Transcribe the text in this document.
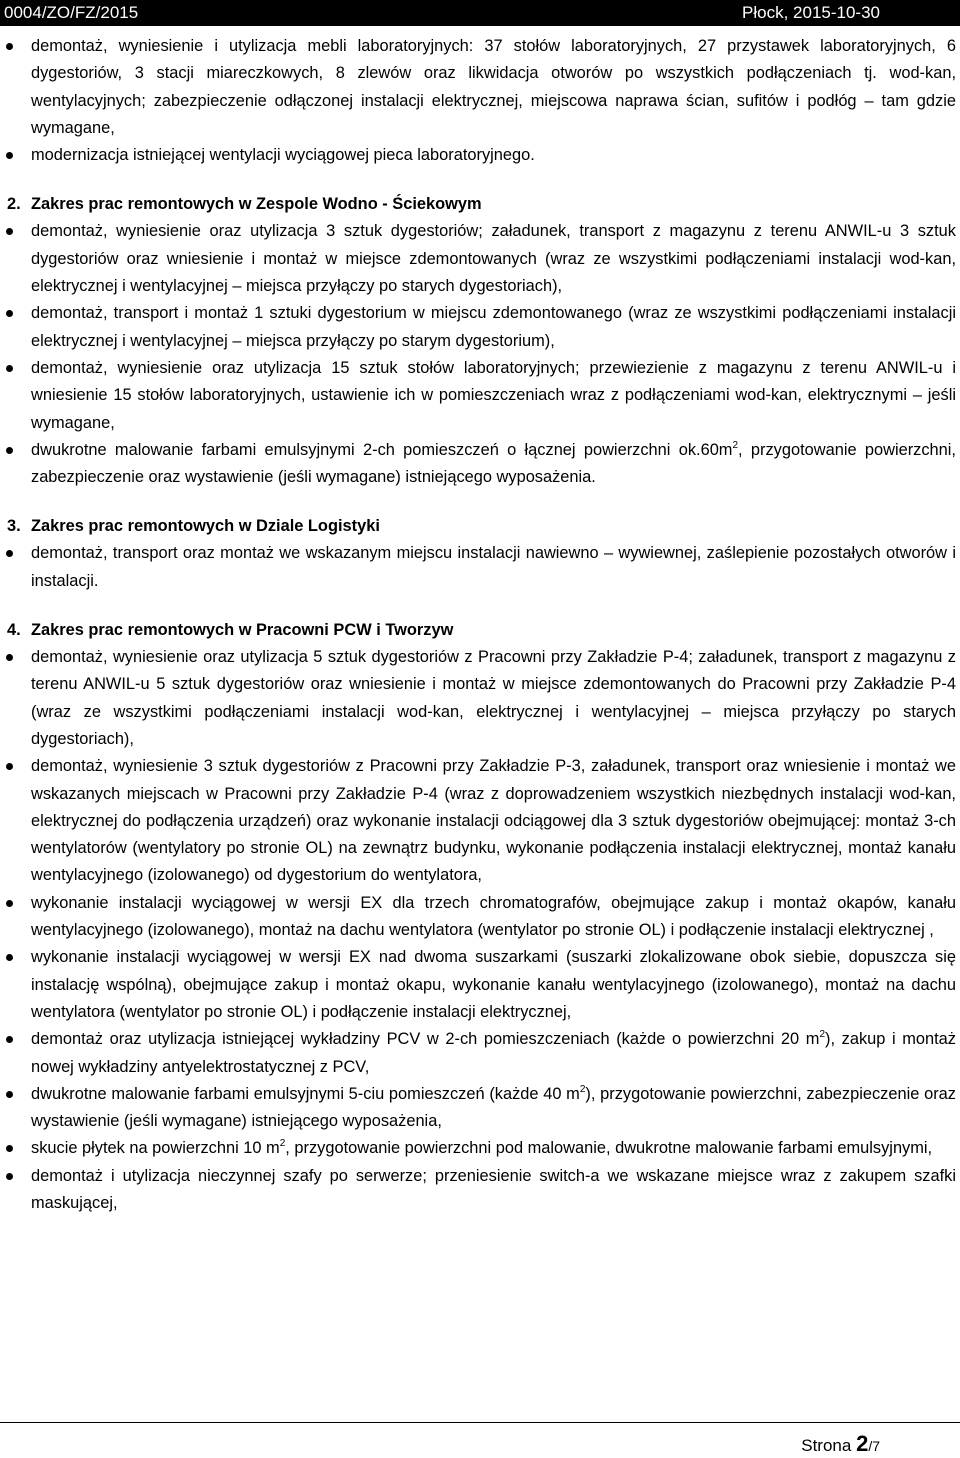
0004/ZO/FZ/2015	Płock, 2015-10-30
demontaż, wyniesienie i utylizacja mebli laboratoryjnych: 37 stołów laboratoryjnych, 27 przystawek laboratoryjnych, 6 dygestoriów, 3 stacji miareczkowych, 8 zlewów oraz likwidacja otworów po wszystkich podłączeniach tj. wod-kan, wentylacyjnych; zabezpieczenie odłączonej instalacji elektrycznej, miejscowa naprawa ścian, sufitów i podłóg – tam gdzie wymagane,
modernizacja istniejącej wentylacji wyciągowej pieca laboratoryjnego.

2. Zakres prac remontowych w Zespole Wodno - Ściekowym

demontaż, wyniesienie oraz utylizacja 3 sztuk dygestoriów; załadunek, transport z magazynu z terenu ANWIL-u 3 sztuk dygestoriów oraz wniesienie i montaż w miejsce zdemontowanych (wraz ze wszystkimi podłączeniami instalacji wod-kan, elektrycznej i wentylacyjnej – miejsca przyłączy po starych dygestoriach),
demontaż, transport i montaż 1 sztuki dygestorium w miejscu zdemontowanego (wraz ze wszystkimi podłączeniami instalacji elektrycznej i wentylacyjnej – miejsca przyłączy po starym dygestorium),
demontaż, wyniesienie oraz utylizacja 15 sztuk stołów laboratoryjnych; przewiezienie z magazynu z terenu ANWIL-u i wniesienie 15 stołów laboratoryjnych, ustawienie ich w pomieszczeniach wraz z podłączeniami wod-kan, elektrycznymi – jeśli wymagane,
dwukrotne malowanie farbami emulsyjnymi 2-ch pomieszczeń o łącznej powierzchni $ok.60m^2$, przygotowanie powierzchni, zabezpieczenie oraz wystawienie (jeśli wymagane) istniejącego wyposażenia.

3. Zakres prac remontowych w Dziale Logistyki

demontaż, transport oraz montaż we wskazanym miejscu instalacji nawiewno – wywiewnej, zaślepienie pozostałych otworów i instalacji.

4. Zakres prac remontowych w Pracowni PCW i Tworzyw

demontaż, wyniesienie oraz utylizacja 5 sztuk dygestoriów z Pracowni przy Zakładzie P-4; załadunek, transport z magazynu z terenu ANWIL-u 5 sztuk dygestoriów oraz wniesienie i montaż w miejsce zdemontowanych do Pracowni przy Zakładzie P-4 (wraz ze wszystkimi podłączeniami instalacji wod-kan, elektrycznej i wentylacyjnej – miejsca przyłączy po starych dygestoriach),
demontaż, wyniesienie 3 sztuk dygestoriów z Pracowni przy Zakładzie P-3, załadunek, transport oraz wniesienie i montaż we wskazanych miejscach w Pracowni przy Zakładzie P-4 (wraz z doprowadzeniem wszystkich niezbędnych instalacji wod-kan, elektrycznej do podłączenia urządzeń) oraz wykonanie instalacji odciągowej dla 3 sztuk dygestoriów obejmującej: montaż 3-ch wentylatorów (wentylatory po stronie OL) na zewnątrz budynku, wykonanie podłączenia instalacji elektrycznej, montaż kanału wentylacyjnego (izolowanego) od dygestorium do wentylatora,
wykonanie instalacji wyciągowej w wersji EX dla trzech chromatografów, obejmujące zakup i montaż okapów, kanału wentylacyjnego (izolowanego), montaż na dachu wentylatora (wentylator po stronie OL) i podłączenie instalacji elektrycznej ,
wykonanie instalacji wyciągowej w wersji EX nad dwoma suszarkami (suszarki zlokalizowane obok siebie, dopuszcza się instalację wspólną), obejmujące zakup i montaż okapu, wykonanie kanału wentylacyjnego (izolowanego), montaż na dachu wentylatora (wentylator po stronie OL) i podłączenie instalacji elektrycznej,
demontaż oraz utylizacja istniejącej wykładziny PCV w 2-ch pomieszczeniach (każde o powierzchni 20 $m^2$), zakup i montaż nowej wykładziny antyelektrostatycznej z PCV,
dwukrotne malowanie farbami emulsyjnymi 5-ciu pomieszczeń (każde 40 $m^2$), przygotowanie powierzchni, zabezpieczenie oraz wystawienie (jeśli wymagane) istniejącego wyposażenia,
skucie płytek na powierzchni 10 $m^2$, przygotowanie powierzchni pod malowanie, dwukrotne malowanie farbami emulsyjnymi,
demontaż i utylizacja nieczynnej szafy po serwerze; przeniesienie switch-a we wskazane miejsce wraz z zakupem szafki maskującej,
Strona 2/7
